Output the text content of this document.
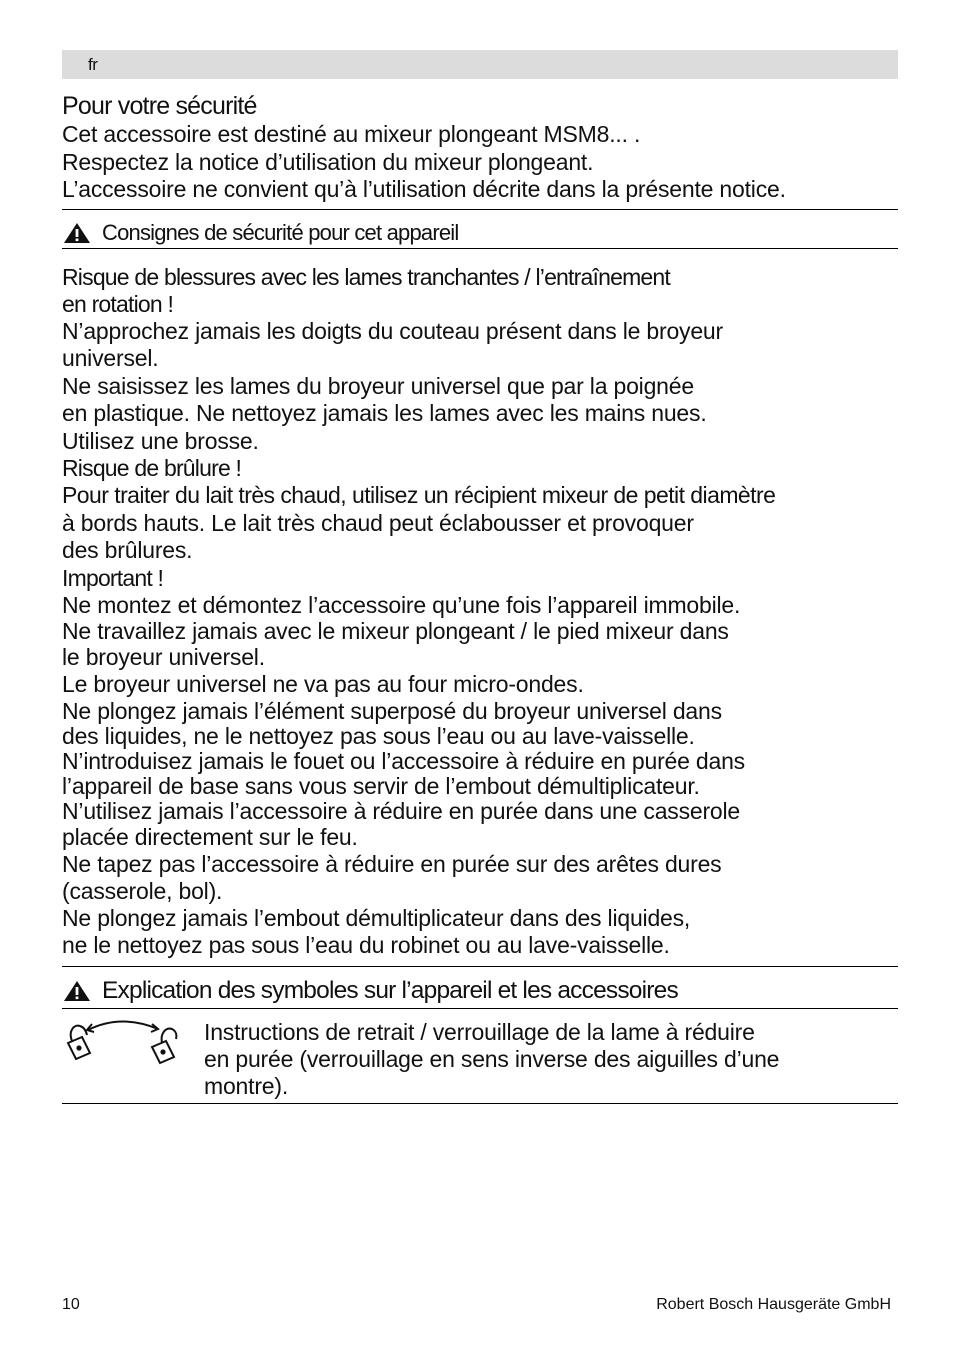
fr

Pour votre sécurité

Cet accessoire est destiné au mixeur plongeant MSM8... .

Respectez la notice d’utilisation du mixeur plongeant.

L’accessoire ne convient qu’à l’utilisation décrite dans la présente notice.

Consignes de sécurité pour cet appareil

Risque de blessures avec les lames tranchantes / l’entraînement

en rotation !

N’approchez jamais les doigts du couteau présent dans le broyeur

universel.

Ne saisissez les lames du broyeur universel que par la poignée

en plastique. Ne nettoyez jamais les lames avec les mains nues.

Utilisez une brosse.

Risque de brûlure !

Pour traiter du lait très chaud, utilisez un récipient mixeur de petit diamètre

à bords hauts. Le lait très chaud peut éclabousser et provoquer

des brûlures.

Important !

Ne montez et démontez l’accessoire qu’une fois l’appareil immobile.

Ne travaillez jamais avec le mixeur plongeant / le pied mixeur dans

le broyeur universel.

Le broyeur universel ne va pas au four micro-ondes.

Ne plongez jamais l’élément superposé du broyeur universel dans

des liquides, ne le nettoyez pas sous l’eau ou au lave-vaisselle.

N’introduisez jamais le fouet ou l’accessoire à réduire en purée dans

l’appareil de base sans vous servir de l’embout démultiplicateur.

N’utilisez jamais l’accessoire à réduire en purée dans une casserole

placée directement sur le feu.

Ne tapez pas l’accessoire à réduire en purée sur des arêtes dures

(casserole, bol).

Ne plongez jamais l’embout démultiplicateur dans des liquides,

ne le nettoyez pas sous l’eau du robinet ou au lave-vaisselle.

Explication des symboles sur l’appareil et les accessoires
Instructions de retrait / verrouillage de la lame à réduire
en purée (verrouillage en sens inverse des aiguilles d’une
montre).
10	Robert Bosch Hausgeräte GmbH
